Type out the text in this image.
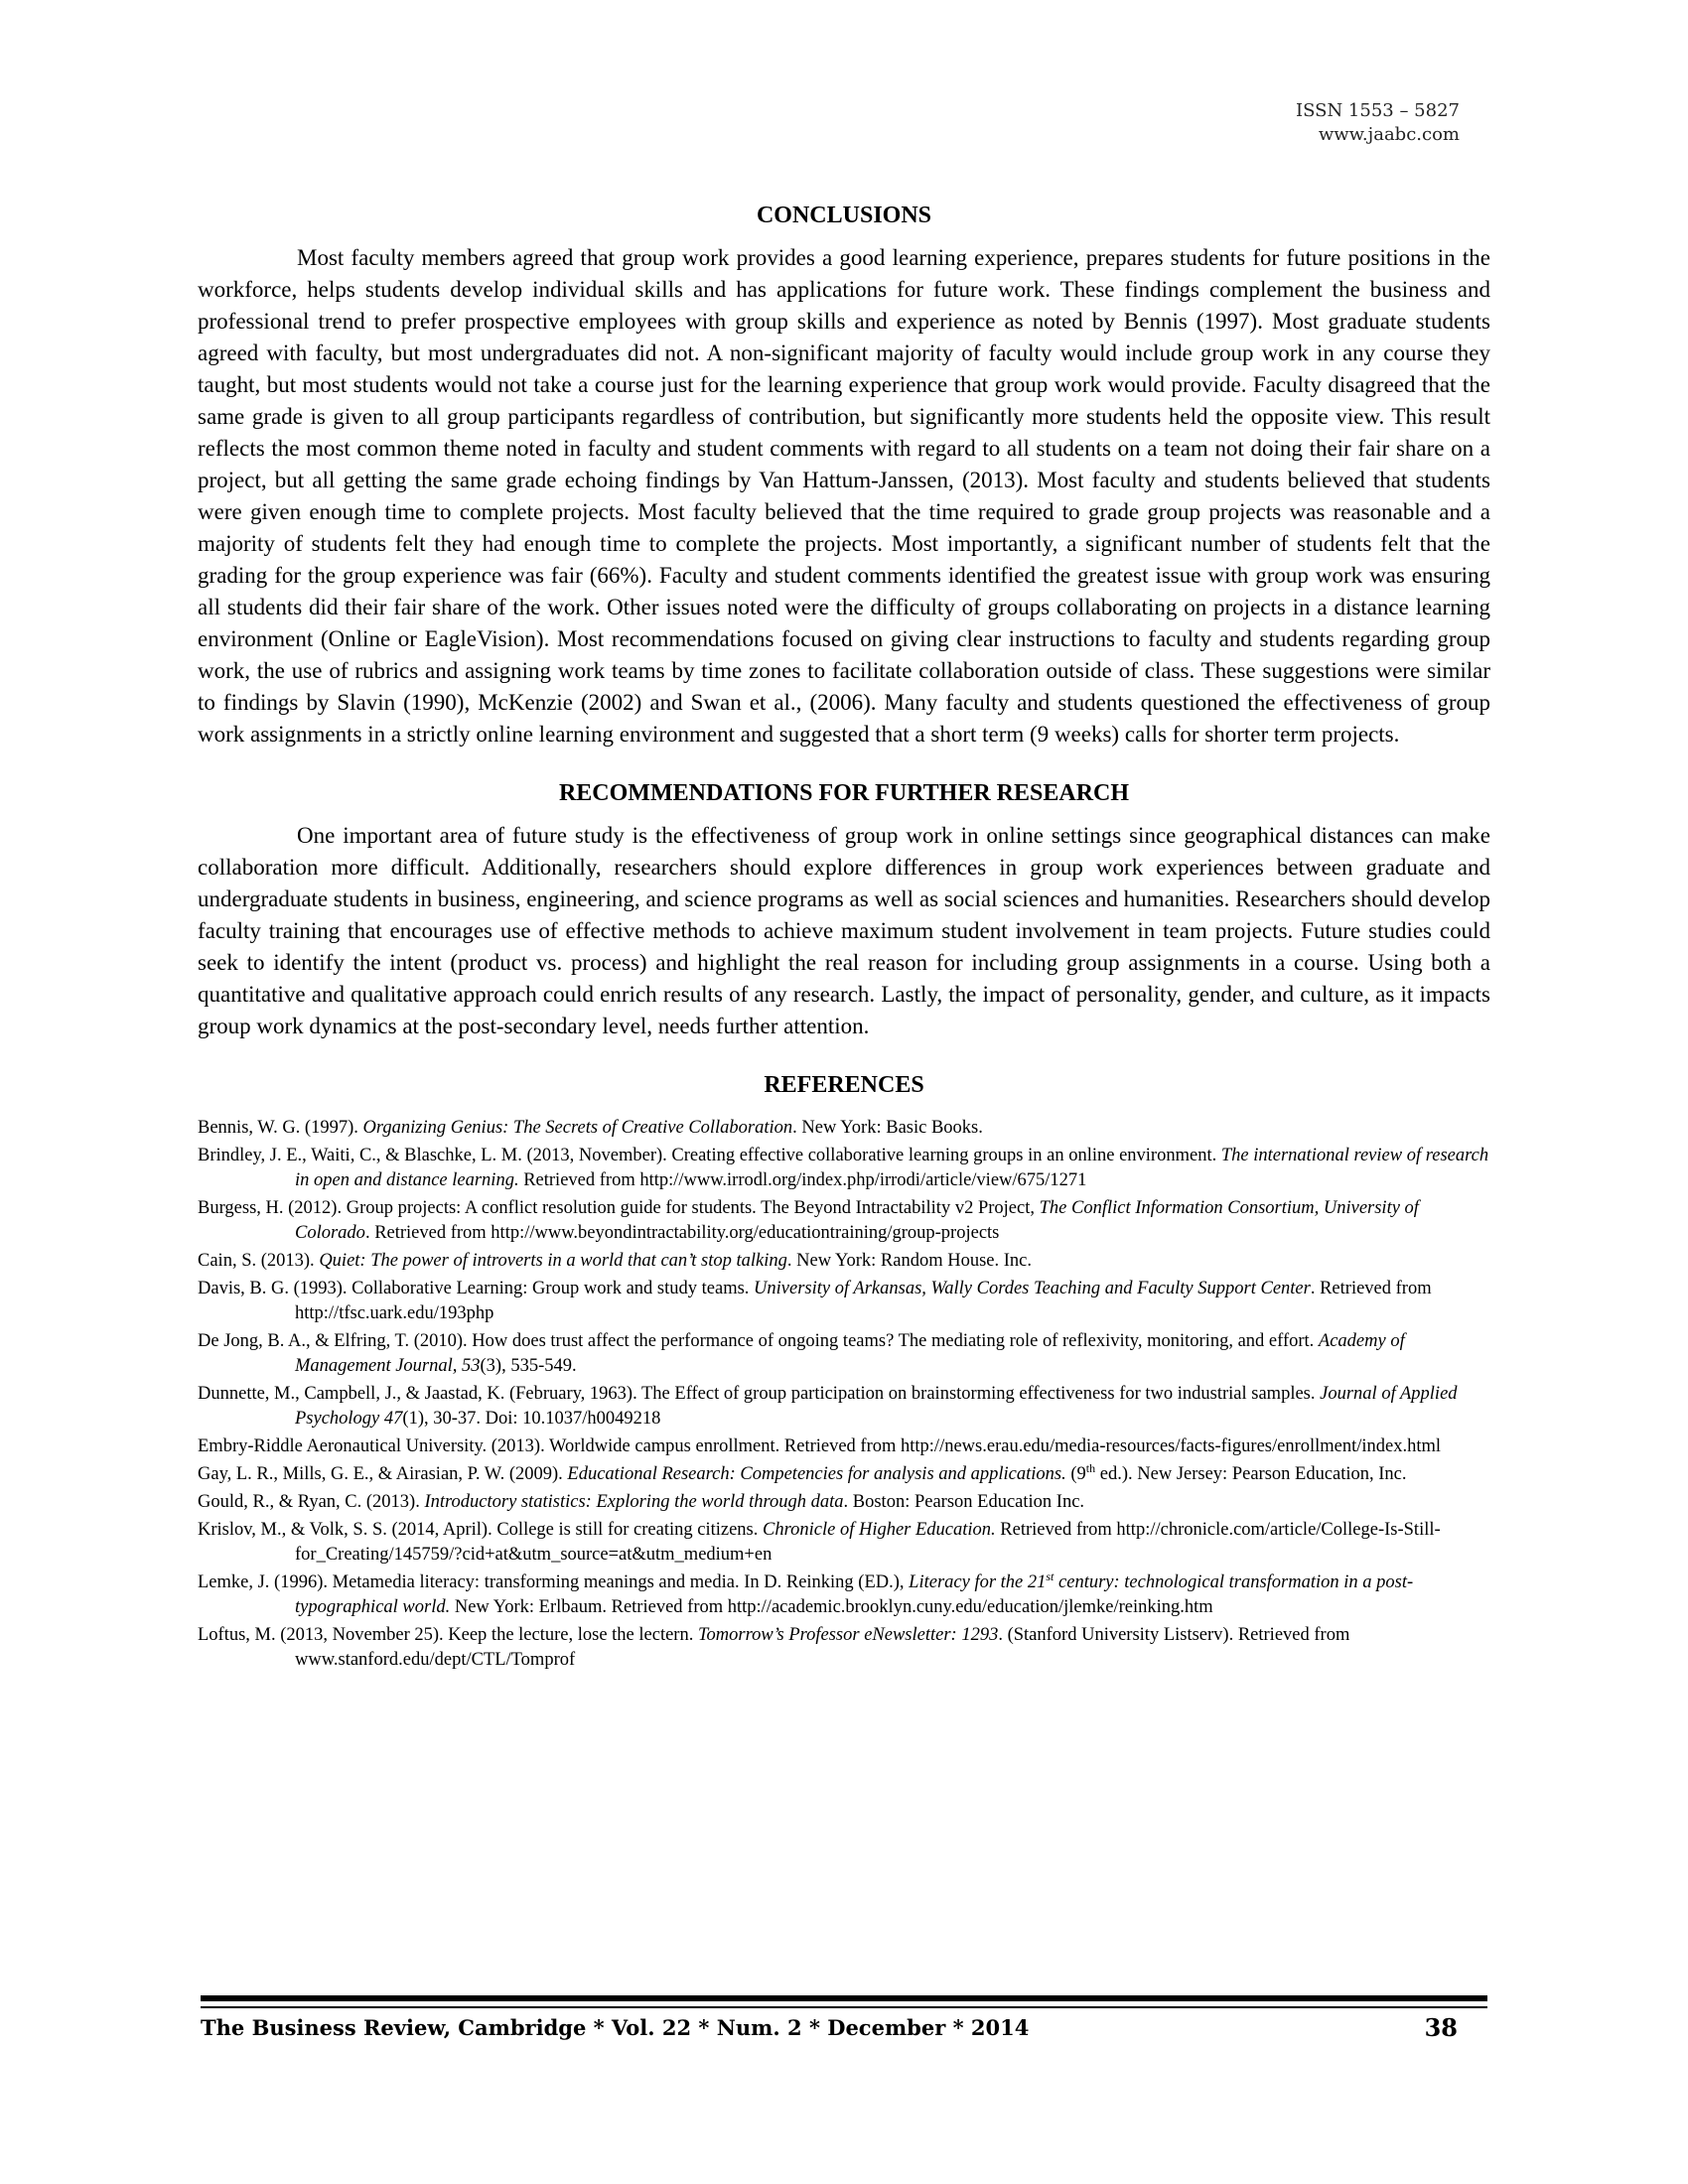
ISSN 1553 – 5827
www.jaabc.com
CONCLUSIONS

Most faculty members agreed that group work provides a good learning experience, prepares students for future positions in the workforce, helps students develop individual skills and has applications for future work. These findings complement the business and professional trend to prefer prospective employees with group skills and experience as noted by Bennis (1997). Most graduate students agreed with faculty, but most undergraduates did not. A non-significant majority of faculty would include group work in any course they taught, but most students would not take a course just for the learning experience that group work would provide. Faculty disagreed that the same grade is given to all group participants regardless of contribution, but significantly more students held the opposite view. This result reflects the most common theme noted in faculty and student comments with regard to all students on a team not doing their fair share on a project, but all getting the same grade echoing findings by Van Hattum-Janssen, (2013). Most faculty and students believed that students were given enough time to complete projects. Most faculty believed that the time required to grade group projects was reasonable and a majority of students felt they had enough time to complete the projects. Most importantly, a significant number of students felt that the grading for the group experience was fair (66%). Faculty and student comments identified the greatest issue with group work was ensuring all students did their fair share of the work. Other issues noted were the difficulty of groups collaborating on projects in a distance learning environment (Online or EagleVision). Most recommendations focused on giving clear instructions to faculty and students regarding group work, the use of rubrics and assigning work teams by time zones to facilitate collaboration outside of class. These suggestions were similar to findings by Slavin (1990), McKenzie (2002) and Swan et al., (2006). Many faculty and students questioned the effectiveness of group work assignments in a strictly online learning environment and suggested that a short term (9 weeks) calls for shorter term projects.

RECOMMENDATIONS FOR FURTHER RESEARCH

One important area of future study is the effectiveness of group work in online settings since geographical distances can make collaboration more difficult. Additionally, researchers should explore differences in group work experiences between graduate and undergraduate students in business, engineering, and science programs as well as social sciences and humanities. Researchers should develop faculty training that encourages use of effective methods to achieve maximum student involvement in team projects. Future studies could seek to identify the intent (product vs. process) and highlight the real reason for including group assignments in a course. Using both a quantitative and qualitative approach could enrich results of any research. Lastly, the impact of personality, gender, and culture, as it impacts group work dynamics at the post-secondary level, needs further attention.

REFERENCES

Bennis, W. G. (1997). Organizing Genius: The Secrets of Creative Collaboration. New York: Basic Books.

Brindley, J. E., Waiti, C., & Blaschke, L. M. (2013, November). Creating effective collaborative learning groups in an online environment. The international review of research in open and distance learning. Retrieved from http://www.irrodl.org/index.php/irrodi/article/view/675/1271

Burgess, H. (2012). Group projects: A conflict resolution guide for students. The Beyond Intractability v2 Project, The Conflict Information Consortium, University of Colorado. Retrieved from http://www.beyondintractability.org/educationtraining/group-projects

Cain, S. (2013). Quiet: The power of introverts in a world that can’t stop talking. New York: Random House. Inc.

Davis, B. G. (1993). Collaborative Learning: Group work and study teams. University of Arkansas, Wally Cordes Teaching and Faculty Support Center. Retrieved from http://tfsc.uark.edu/193php

De Jong, B. A., & Elfring, T. (2010). How does trust affect the performance of ongoing teams? The mediating role of reflexivity, monitoring, and effort. Academy of Management Journal, 53(3), 535-549.

Dunnette, M., Campbell, J., & Jaastad, K. (February, 1963). The Effect of group participation on brainstorming effectiveness for two industrial samples. Journal of Applied Psychology 47(1), 30-37. Doi: 10.1037/h0049218

Embry-Riddle Aeronautical University. (2013). Worldwide campus enrollment. Retrieved from http://news.erau.edu/media-resources/facts-figures/enrollment/index.html

Gay, L. R., Mills, G. E., & Airasian, P. W. (2009). Educational Research: Competencies for analysis and applications. (9th ed.). New Jersey: Pearson Education, Inc.

Gould, R., & Ryan, C. (2013). Introductory statistics: Exploring the world through data. Boston: Pearson Education Inc.

Krislov, M., & Volk, S. S. (2014, April). College is still for creating citizens. Chronicle of Higher Education. Retrieved from http://chronicle.com/article/College-Is-Still-for_Creating/145759/?cid+at&utm_source=at&utm_medium+en

Lemke, J. (1996). Metamedia literacy: transforming meanings and media. In D. Reinking (ED.), Literacy for the 21st century: technological transformation in a post-typographical world. New York: Erlbaum. Retrieved from http://academic.brooklyn.cuny.edu/education/jlemke/reinking.htm

Loftus, M. (2013, November 25). Keep the lecture, lose the lectern. Tomorrow’s Professor eNewsletter: 1293. (Stanford University Listserv). Retrieved from www.stanford.edu/dept/CTL/Tomprof

The Business Review, Cambridge * Vol. 22 * Num. 2 * December * 2014	38
